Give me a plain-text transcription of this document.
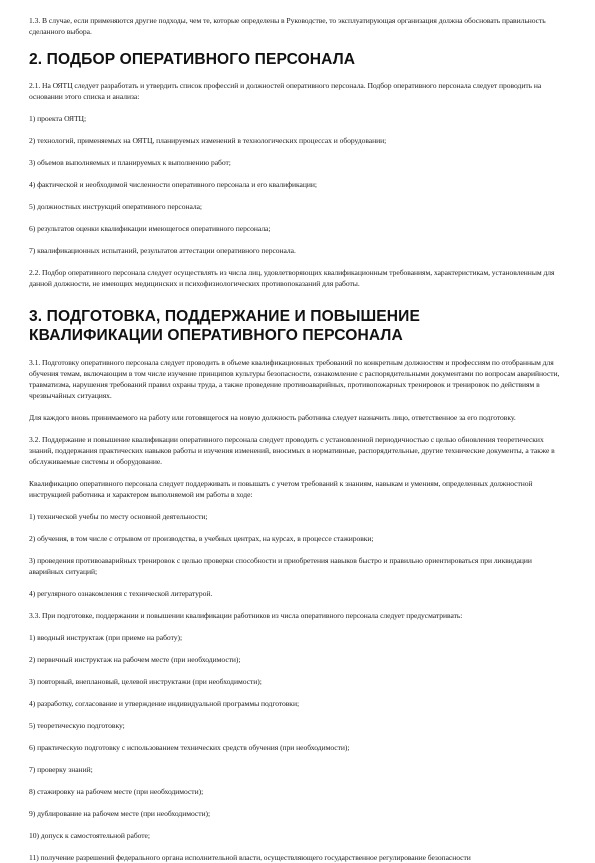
1.3. В случае, если применяются другие подходы, чем те, которые определены в Руководстве, то эксплуатирующая организация должна обосновать правильность сделанного выбора.

2. ПОДБОР ОПЕРАТИВНОГО ПЕРСОНАЛА

2.1. На ОЯТЦ следует разработать и утвердить список профессий и должностей оперативного персонала. Подбор оперативного персонала следует проводить на основании этого списка и анализа:

1) проекта ОЯТЦ;

2) технологий, применяемых на ОЯТЦ, планируемых изменений в технологических процессах и оборудовании;

3) объемов выполняемых и планируемых к выполнению работ;

4) фактической и необходимой численности оперативного персонала и его квалификации;

5) должностных инструкций оперативного персонала;

6) результатов оценки квалификации имеющегося оперативного персонала;

7) квалификационных испытаний, результатов аттестации оперативного персонала.

2.2. Подбор оперативного персонала следует осуществлять из числа лиц, удовлетворяющих квалификационным требованиям, характеристикам, установленным для данной должности, не имеющих медицинских и психофизиологических противопоказаний для работы.

3. ПОДГОТОВКА, ПОДДЕРЖАНИЕ И ПОВЫШЕНИЕ
КВАЛИФИКАЦИИ ОПЕРАТИВНОГО ПЕРСОНАЛА

3.1. Подготовку оперативного персонала следует проводить в объеме квалификационных требований по конкретным должностям и профессиям по отобранным для обучения темам, включающим в том числе изучение принципов культуры безопасности, ознакомление с распорядительными документами по вопросам аварийности, травматизма, нарушения требований правил охраны труда, а также проведение противоаварийных, противопожарных тренировок и тренировок по действиям в чрезвычайных ситуациях.

Для каждого вновь принимаемого на работу или готовящегося на новую должность работника следует назначить лицо, ответственное за его подготовку.

3.2. Поддержание и повышение квалификации оперативного персонала следует проводить с установленной периодичностью с целью обновления теоретических знаний, поддержания практических навыков работы и изучения изменений, вносимых в нормативные, распорядительные, другие технические документы, а также в обслуживаемые системы и оборудование.

Квалификацию оперативного персонала следует поддерживать и повышать с учетом требований к знаниям, навыкам и умениям, определенных должностной инструкцией работника и характером выполняемой им работы в ходе:

1) технической учебы по месту основной деятельности;

2) обучения, в том числе с отрывом от производства, в учебных центрах, на курсах, в процессе стажировки;

3) проведения противоаварийных тренировок с целью проверки способности и приобретения навыков быстро и правильно ориентироваться при ликвидации аварийных ситуаций;

4) регулярного ознакомления с технической литературой.

3.3. При подготовке, поддержании и повышении квалификации работников из числа оперативного персонала следует предусматривать:

1) вводный инструктаж (при приеме на работу);

2) первичный инструктаж на рабочем месте (при необходимости);

3) повторный, внеплановый, целевой инструктажи (при необходимости);

4) разработку, согласование и утверждение индивидуальной программы подготовки;

5) теоретическую подготовку;

6) практическую подготовку с использованием технических средств обучения (при необходимости);

7) проверку знаний;

8) стажировку на рабочем месте (при необходимости);

9) дублирование на рабочем месте (при необходимости);

10) допуск к самостоятельной работе;

11) получение разрешений федерального органа исполнительной власти, осуществляющего государственное регулирование безопасности
